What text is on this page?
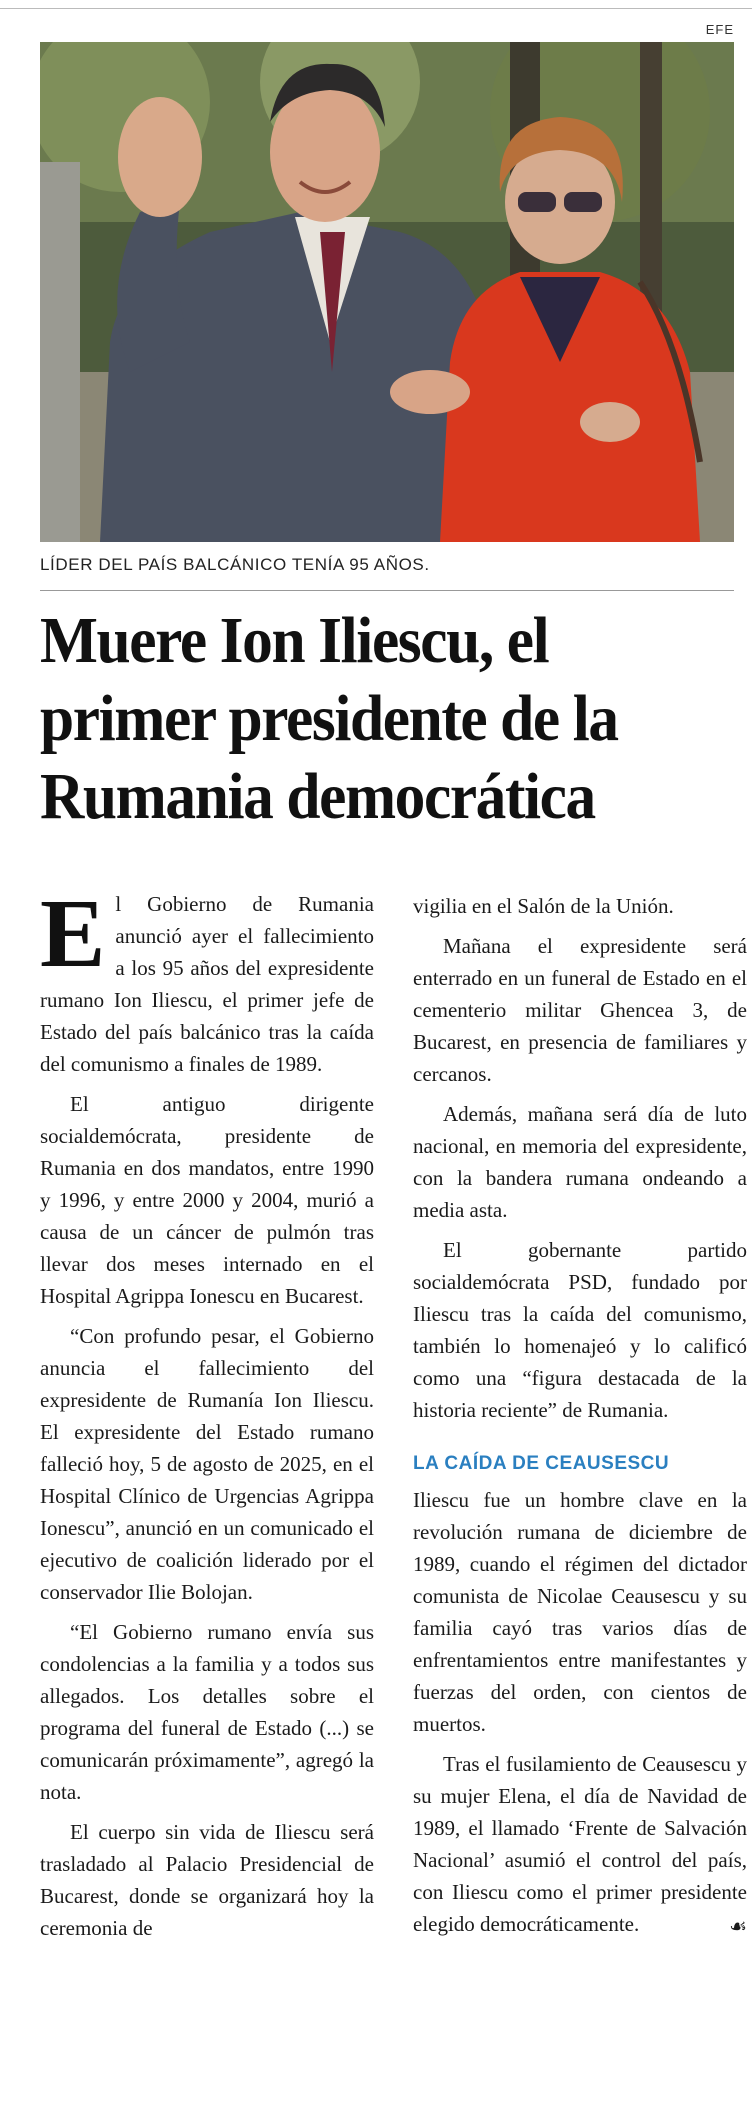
EFE
LÍDER DEL PAÍS BALCÁNICO TENÍA 95 AÑOS.
Muere Ion Iliescu, el primer presidente de la Rumania democrática

El Gobierno de Rumania anunció ayer el fallecimiento a los 95 años del expresidente rumano Ion Iliescu, el primer jefe de Estado del país balcánico tras la caída del comunismo a finales de 1989.

El antiguo dirigente socialdemócrata, presidente de Rumania en dos mandatos, entre 1990 y 1996, y entre 2000 y 2004, murió a causa de un cáncer de pulmón tras llevar dos meses internado en el Hospital Agrippa Ionescu en Bucarest.

“Con profundo pesar, el Gobierno anuncia el fallecimiento del expresidente de Rumanía Ion Iliescu. El expresidente del Estado rumano falleció hoy, 5 de agosto de 2025, en el Hospital Clínico de Urgencias Agrippa Ionescu”, anunció en un comunicado el ejecutivo de coalición liderado por el conservador Ilie Bolojan.

“El Gobierno rumano envía sus condolencias a la familia y a todos sus allegados. Los detalles sobre el programa del funeral de Estado (...) se comunicarán próximamente”, agregó la nota.

El cuerpo sin vida de Iliescu será trasladado al Palacio Presidencial de Bucarest, donde se organizará hoy la ceremonia de

vigilia en el Salón de la Unión.

Mañana el expresidente será enterrado en un funeral de Estado en el cementerio militar Ghencea 3, de Bucarest, en presencia de familiares y cercanos.

Además, mañana será día de luto nacional, en memoria del expresidente, con la bandera rumana ondeando a media asta.

El gobernante partido socialdemócrata PSD, fundado por Iliescu tras la caída del comunismo, también lo homenajeó y lo calificó como una “figura destacada de la historia reciente” de Rumania.

LA CAÍDA DE CEAUSESCU

Iliescu fue un hombre clave en la revolución rumana de diciembre de 1989, cuando el régimen del dictador comunista de Nicolae Ceausescu y su familia cayó tras varios días de enfrentamientos entre manifestantes y fuerzas del orden, con cientos de muertos.

Tras el fusilamiento de Ceausescu y su mujer Elena, el día de Navidad de 1989, el llamado ‘Frente de Salvación Nacional’ asumió el control del país, con Iliescu como el primer presidente elegido democráticamente.	☙
